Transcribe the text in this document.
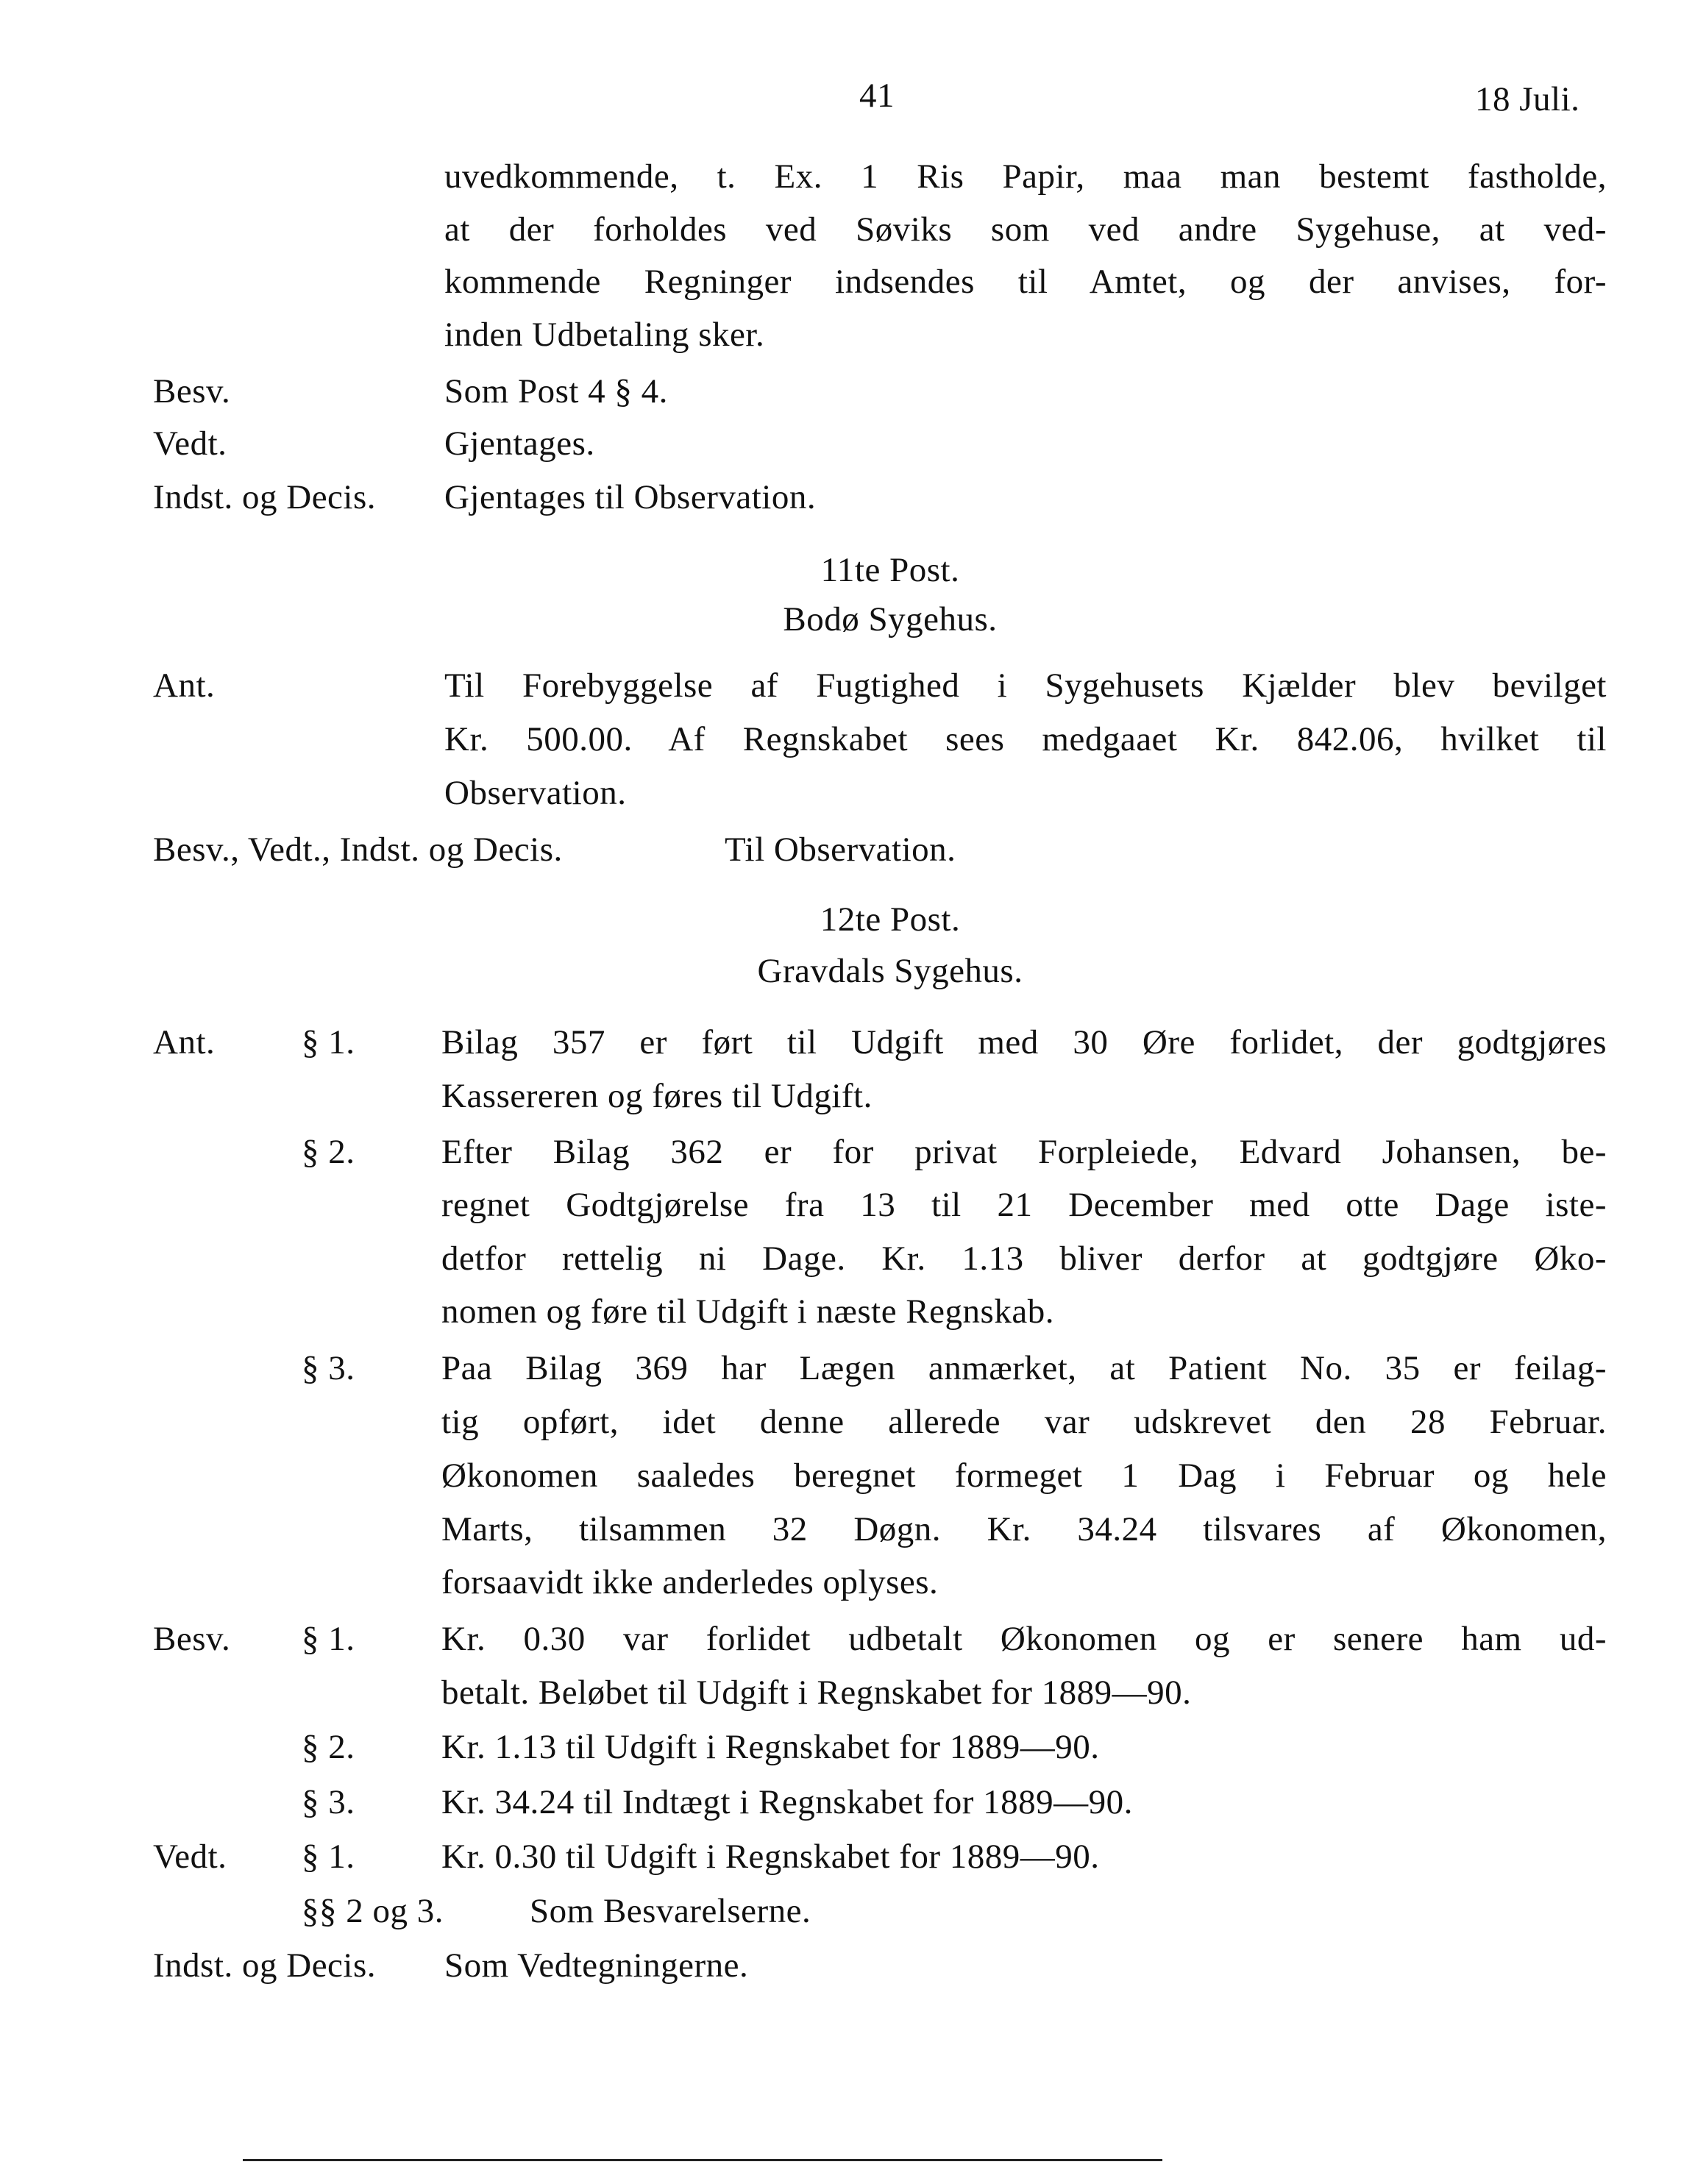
41	18 Juli.
uvedkommende, t. Ex. 1 Ris Papir, maa man bestemt fastholde,
at der forholdes ved Søviks som ved andre Sygehuse, at ved-
kommende Regninger indsendes til Amtet, og der anvises, for-
inden Udbetaling sker.
Besv.	Som Post 4 § 4.
Vedt.	Gjentages.
Indst. og Decis. Gjentages til Observation.
11te Post.
Bodø Sygehus.
Ant.	Til Forebyggelse af Fugtighed i Sygehusets Kjælder blev bevilget
Kr. 500.00. Af Regnskabet sees medgaaet Kr. 842.06, hvilket til
Observation.
Besv., Vedt., Indst. og Decis.	Til Observation.
12te Post.
Gravdals Sygehus.
Ant.	§ 1.	Bilag 357 er ført til Udgift med 30 Øre forlidet, der godtgjøres
Kassereren og føres til Udgift.
§ 2.	Efter Bilag 362 er for privat Forpleiede, Edvard Johansen, be-
regnet Godtgjørelse fra 13 til 21 December med otte Dage iste-
detfor rettelig ni Dage. Kr. 1.13 bliver derfor at godtgjøre Øko-
nomen og føre til Udgift i næste Regnskab.
§ 3.	Paa Bilag 369 har Lægen anmærket, at Patient No. 35 er feilag-
tig opført, idet denne allerede var udskrevet den 28 Februar.
Økonomen saaledes beregnet formeget 1 Dag i Februar og hele
Marts, tilsammen 32 Døgn. Kr. 34.24 tilsvares af Økonomen,
forsaavidt ikke anderledes oplyses.
Besv. § 1.	Kr. 0.30 var forlidet udbetalt Økonomen og er senere ham ud-
betalt. Beløbet til Udgift i Regnskabet for 1889—90.
§ 2.	Kr. 1.13 til Udgift i Regnskabet for 1889—90.
§ 3.	Kr. 34.24 til Indtægt i Regnskabet for 1889—90.
Vedt. § 1.	Kr. 0.30 til Udgift i Regnskabet for 1889—90.
§§ 2 og 3. Som Besvarelserne.
Indst. og Decis. Som Vedtegningerne.
